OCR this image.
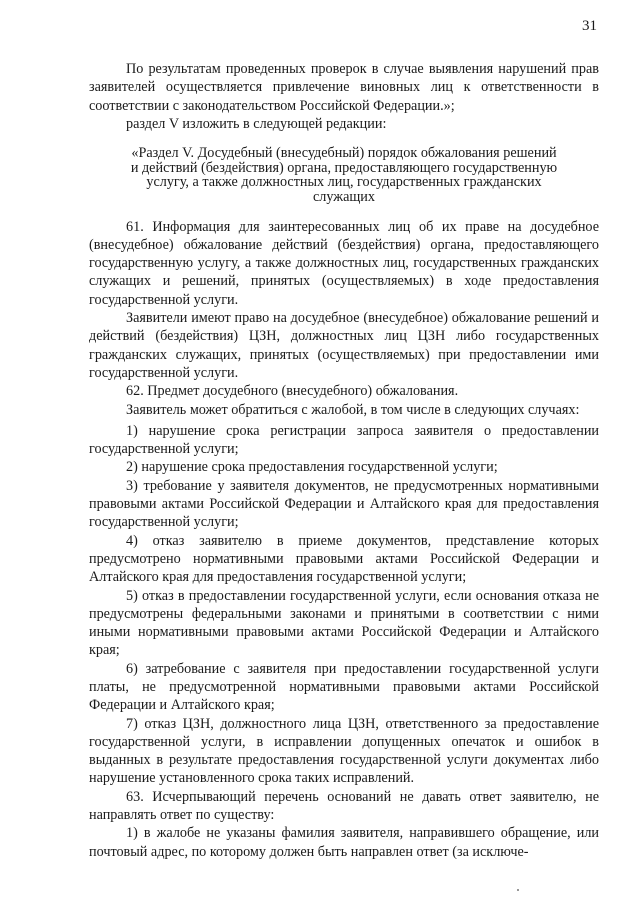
31

По результатам проведенных проверок в случае выявления нарушений прав заявителей осуществляется привлечение виновных лиц к ответственности в соответствии с законодательством Российской Федерации.»;

раздел V изложить в следующей редакции:

«Раздел V. Досудебный (внесудебный) порядок обжалования решений и действий (бездействия) органа, предоставляющего государственную услугу, а также должностных лиц, государственных гражданских служащих

61. Информация для заинтересованных лиц об их праве на досудебное (внесудебное) обжалование действий (бездействия) органа, предоставляющего государственную услугу, а также должностных лиц, государственных гражданских служащих и решений, принятых (осуществляемых) в ходе предоставления государственной услуги.

Заявители имеют право на досудебное (внесудебное) обжалование решений и действий (бездействия) ЦЗН, должностных лиц ЦЗН либо государственных гражданских служащих, принятых (осуществляемых) при предоставлении ими государственной услуги.

62. Предмет досудебного (внесудебного) обжалования.

Заявитель может обратиться с жалобой, в том числе в следующих случаях:

1) нарушение срока регистрации запроса заявителя о предоставлении государственной услуги;

2) нарушение срока предоставления государственной услуги;

3) требование у заявителя документов, не предусмотренных нормативными правовыми актами Российской Федерации и Алтайского края для предоставления государственной услуги;

4) отказ заявителю в приеме документов, представление которых предусмотрено нормативными правовыми актами Российской Федерации и Алтайского края для предоставления государственной услуги;

5) отказ в предоставлении государственной услуги, если основания отказа не предусмотрены федеральными законами и принятыми в соответствии с ними иными нормативными правовыми актами Российской Федерации и Алтайского края;

6) затребование с заявителя при предоставлении государственной услуги платы, не предусмотренной нормативными правовыми актами Российской Федерации и Алтайского края;

7) отказ ЦЗН, должностного лица ЦЗН, ответственного за предоставление государственной услуги, в исправлении допущенных опечаток и ошибок в выданных в результате предоставления государственной услуги документах либо нарушение установленного срока таких исправлений.

63. Исчерпывающий перечень оснований не давать ответ заявителю, не направлять ответ по существу:

1) в жалобе не указаны фамилия заявителя, направившего обращение, или почтовый адрес, по которому должен быть направлен ответ (за исключе-
